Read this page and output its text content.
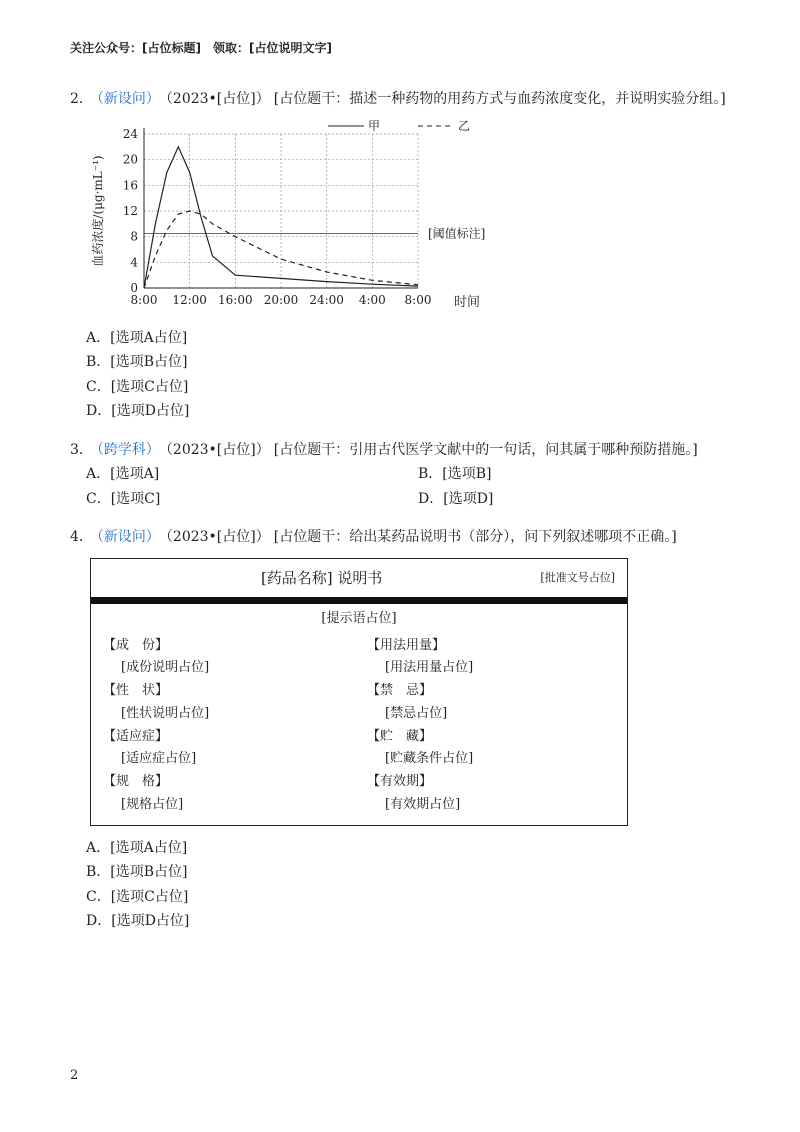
关注公众号：[占位标题]　领取：[占位说明文字]
2． （新设问） （2023•[占位]） [占位题干：描述一种药物的用药方式与血药浓度变化，并说明实验分组。]
0
4
8
12
16
20
24
8:00 12:00 16:00 20:00 24:00 4:00 8:00 时间
血药浓度/(μg·mL⁻¹)	[阈值标注]
甲	乙
A．[选项A占位]
B．[选项B占位]
C．[选项C占位]
D．[选项D占位]
3． （跨学科） （2023•[占位]） [占位题干：引用古代医学文献中的一句话，问其属于哪种预防措施。]
A．[选项A]	B．[选项B]
C．[选项C]	D．[选项D]
4． （新设问） （2023•[占位]） [占位题干：给出某药品说明书（部分），问下列叙述哪项不正确。]
[药品名称] 说明书	[批准文号占位]
[提示语占位]
【成　份】
[成份说明占位]
【性　状】
[性状说明占位]
【适应症】
[适应症占位]
【规　格】
[规格占位]
【用法用量】
[用法用量占位]
【禁　忌】
[禁忌占位]
【贮　藏】
[贮藏条件占位]
【有效期】
[有效期占位]
A．[选项A占位]
B．[选项B占位]
C．[选项C占位]
D．[选项D占位]
2
